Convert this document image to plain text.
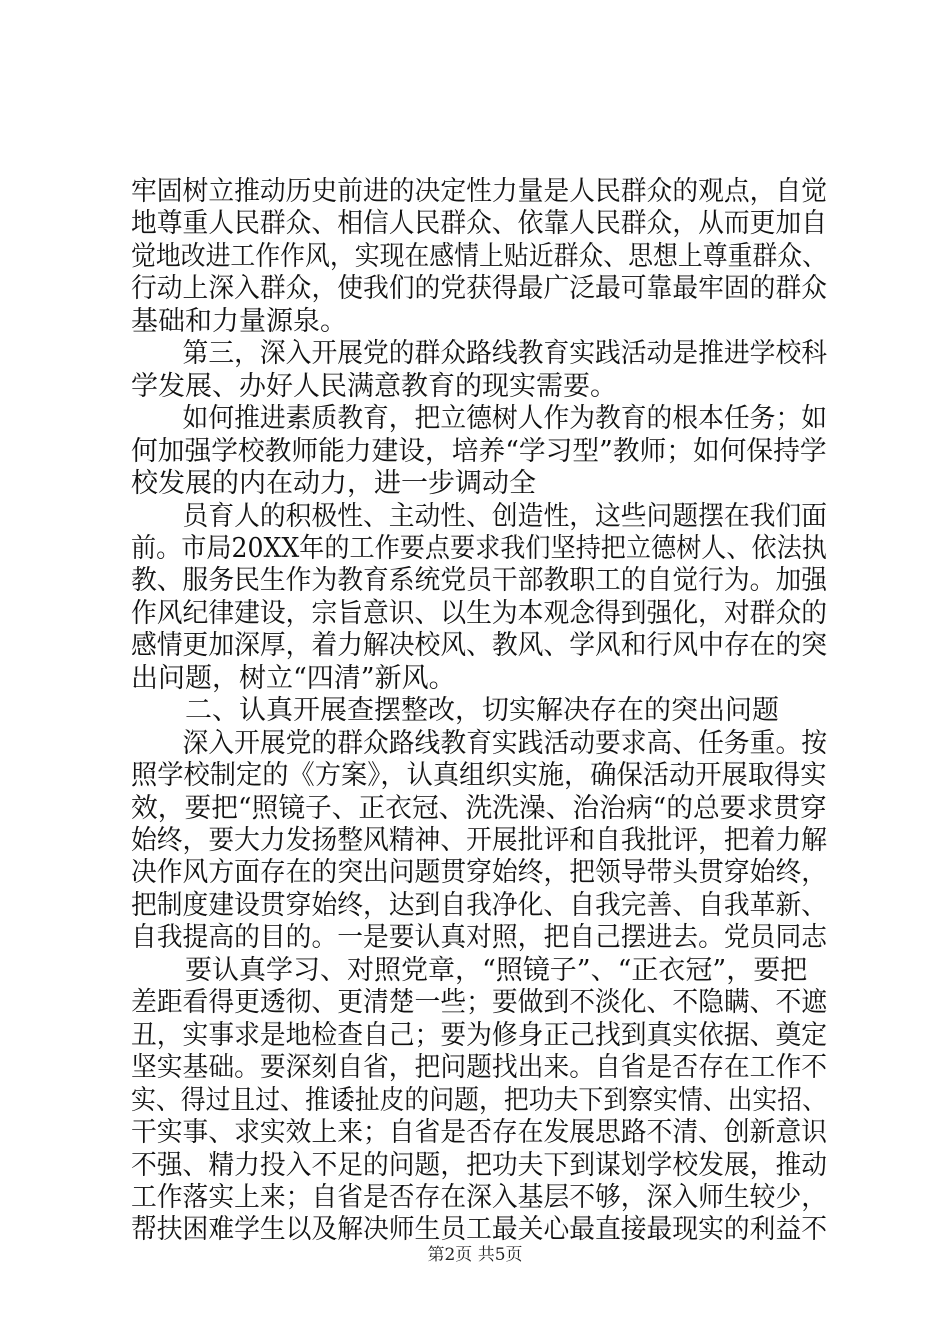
牢固树立推动历史前进的决定性力量是人民群众的观点，自觉
地尊重人民群众、相信人民群众、依靠人民群众，从而更加自
觉地改进工作作风，实现在感情上贴近群众、思想上尊重群众、
行动上深入群众，使我们的党获得最广泛最可靠最牢固的群众
基础和力量源泉。
　　第三，深入开展党的群众路线教育实践活动是推进学校科
学发展、办好人民满意教育的现实需要。
　　如何推进素质教育，把立德树人作为教育的根本任务；如
何加强学校教师能力建设，培养“学习型”教师；如何保持学
校发展的内在动力，进一步调动全
　　员育人的积极性、主动性、创造性，这些问题摆在我们面
前。市局20XX年的工作要点要求我们坚持把立德树人、依法执
教、服务民生作为教育系统党员干部教职工的自觉行为。加强
作风纪律建设，宗旨意识、以生为本观念得到强化，对群众的
感情更加深厚，着力解决校风、教风、学风和行风中存在的突
出问题，树立“四清”新风。
　　二、认真开展查摆整改，切实解决存在的突出问题
　　深入开展党的群众路线教育实践活动要求高、任务重。按
照学校制定的《方案》，认真组织实施，确保活动开展取得实
效，要把“照镜子、正衣冠、洗洗澡、治治病“的总要求贯穿
始终，要大力发扬整风精神、开展批评和自我批评，把着力解
决作风方面存在的突出问题贯穿始终，把领导带头贯穿始终，
把制度建设贯穿始终，达到自我净化、自我完善、自我革新、
自我提高的目的。一是要认真对照，把自己摆进去。党员同志
　　要认真学习、对照党章，“照镜子”、“正衣冠”，要把
差距看得更透彻、更清楚一些；要做到不淡化、不隐瞒、不遮
丑，实事求是地检查自己；要为修身正己找到真实依据、奠定
坚实基础。要深刻自省，把问题找出来。自省是否存在工作不
实、得过且过、推诿扯皮的问题，把功夫下到察实情、出实招、
干实事、求实效上来；自省是否存在发展思路不清、创新意识
不强、精力投入不足的问题，把功夫下到谋划学校发展，推动
工作落实上来；自省是否存在深入基层不够，深入师生较少，
帮扶困难学生以及解决师生员工最关心最直接最现实的利益不
第2页 共5页
